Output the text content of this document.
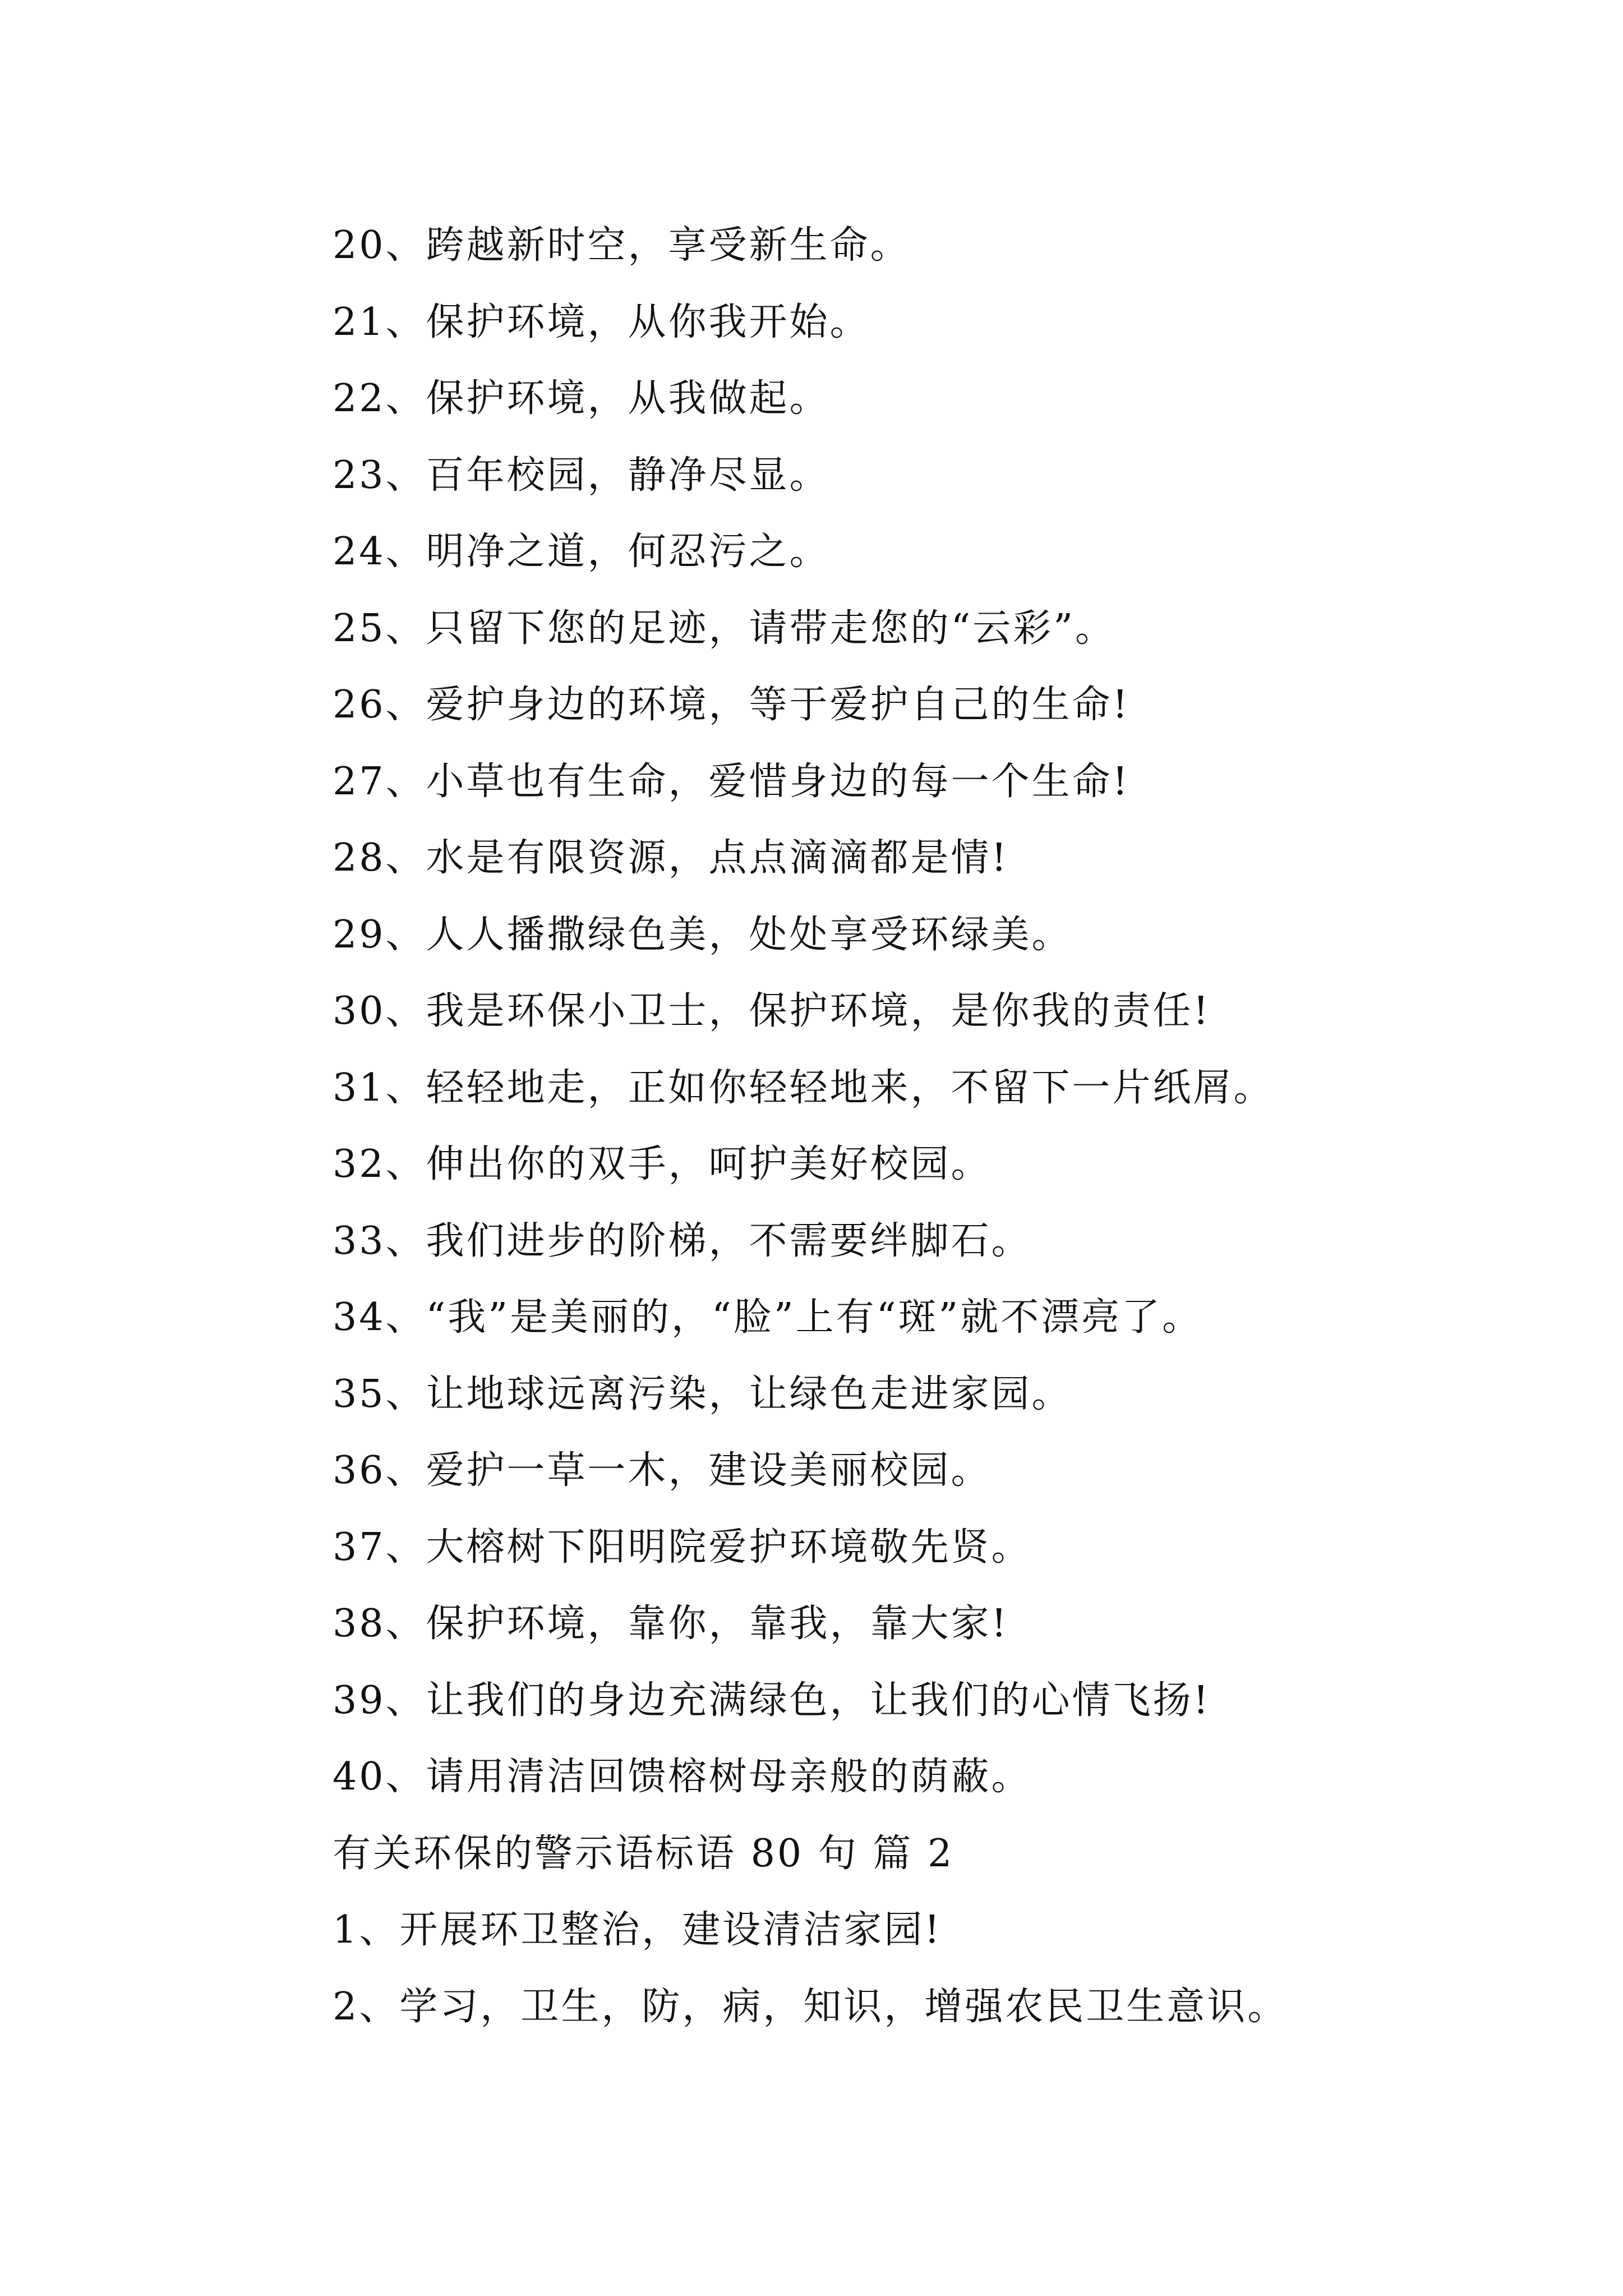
20、跨越新时空，享受新生命。
21、保护环境，从你我开始。
22、保护环境，从我做起。
23、百年校园，静净尽显。
24、明净之道，何忍污之。
25、只留下您的足迹，请带走您的“云彩”。
26、爱护身边的环境，等于爱护自己的生命!
27、小草也有生命，爱惜身边的每一个生命!
28、水是有限资源，点点滴滴都是情!
29、人人播撒绿色美，处处享受环绿美。
30、我是环保小卫士，保护环境，是你我的责任!
31、轻轻地走，正如你轻轻地来，不留下一片纸屑。
32、伸出你的双手，呵护美好校园。
33、我们进步的阶梯，不需要绊脚石。
34、“我”是美丽的，“脸”上有“斑”就不漂亮了。
35、让地球远离污染，让绿色走进家园。
36、爱护一草一木，建设美丽校园。
37、大榕树下阳明院爱护环境敬先贤。
38、保护环境，靠你，靠我，靠大家!
39、让我们的身边充满绿色，让我们的心情飞扬!
40、请用清洁回馈榕树母亲般的荫蔽。
有关环保的警示语标语 80 句 篇 2
1、开展环卫整治，建设清洁家园!
2、学习，卫生，防，病，知识，增强农民卫生意识。
